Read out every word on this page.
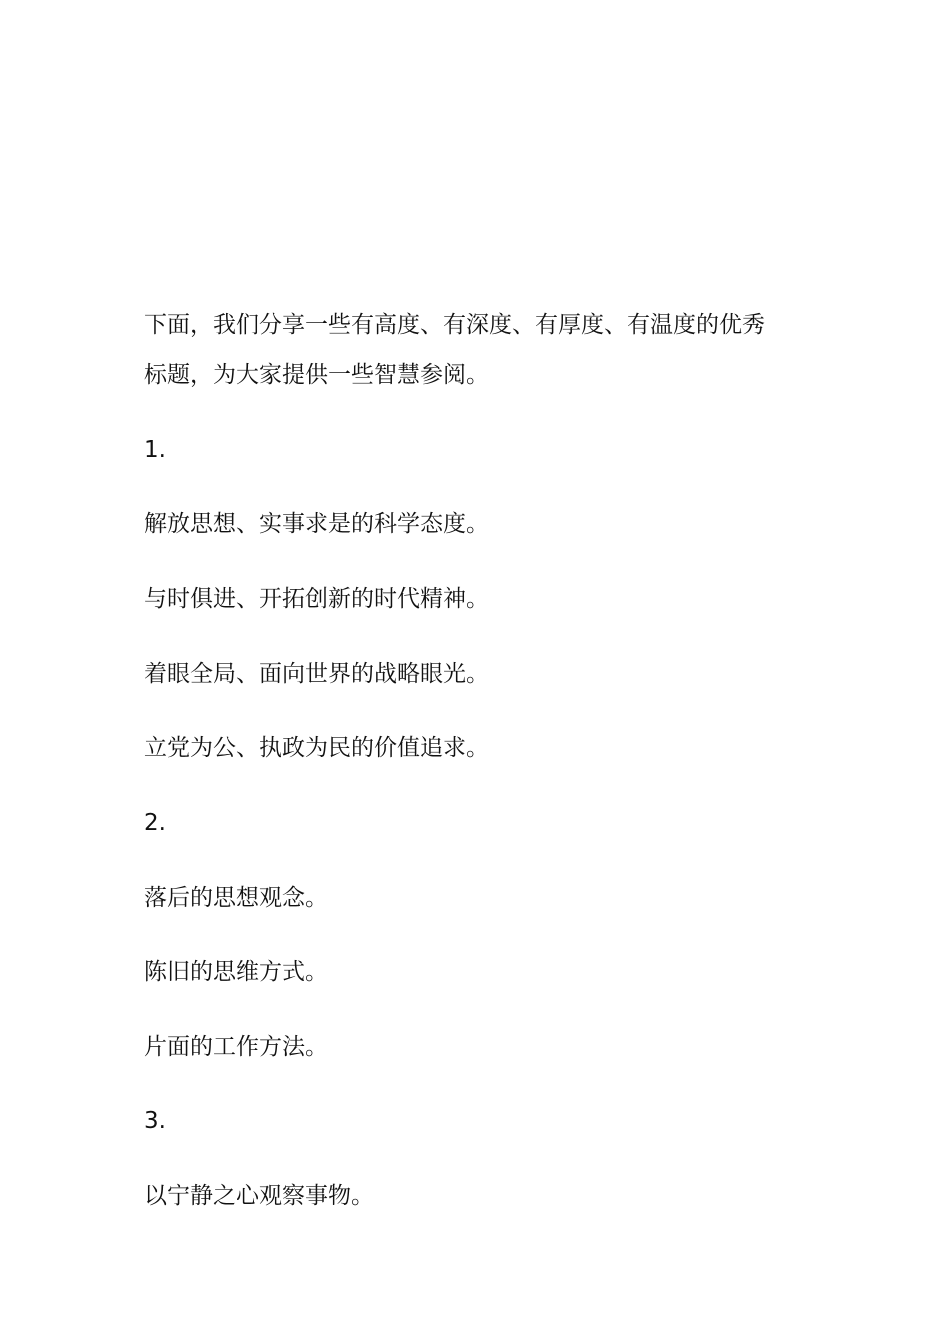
下面，我们分享一些有高度、有深度、有厚度、有温度的优秀
标题，为大家提供一些智慧参阅。
1.
解放思想、实事求是的科学态度。
与时俱进、开拓创新的时代精神。
着眼全局、面向世界的战略眼光。
立党为公、执政为民的价值追求。
2.
落后的思想观念。
陈旧的思维方式。
片面的工作方法。
3.
以宁静之心观察事物。
